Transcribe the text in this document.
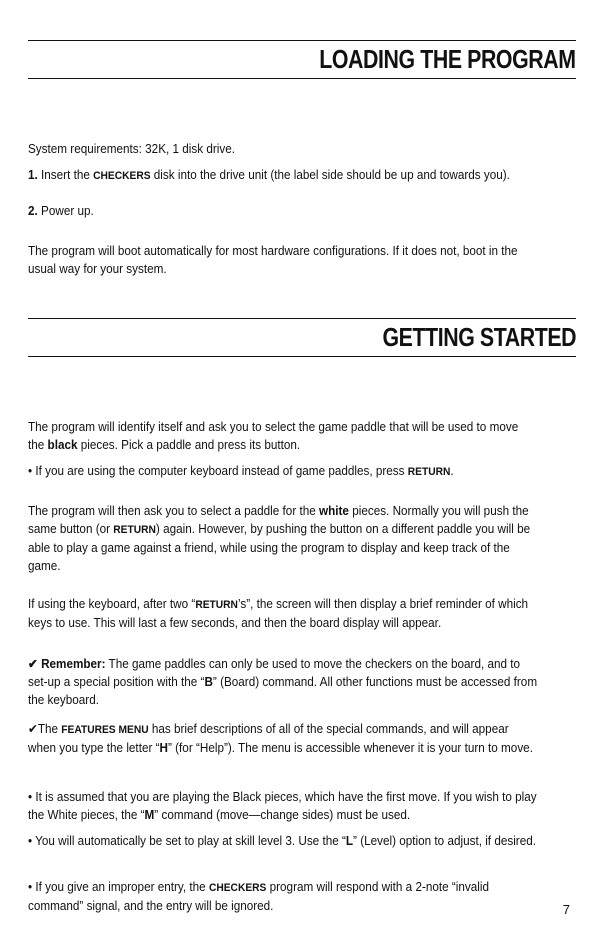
LOADING THE PROGRAM
System requirements: 32K, 1 disk drive.
1. Insert the CHECKERS disk into the drive unit (the label side should be up and towards you).
2. Power up.
The program will boot automatically for most hardware configurations. If it does not, boot in the usual way for your system.
GETTING STARTED
The program will identify itself and ask you to select the game paddle that will be used to move the black pieces. Pick a paddle and press its button.
• If you are using the computer keyboard instead of game paddles, press RETURN.
The program will then ask you to select a paddle for the white pieces. Normally you will push the same button (or RETURN) again. However, by pushing the button on a different paddle you will be able to play a game against a friend, while using the program to display and keep track of the game.
If using the keyboard, after two “RETURN’s”, the screen will then display a brief reminder of which keys to use. This will last a few seconds, and then the board display will appear.
✔ Remember: The game paddles can only be used to move the checkers on the board, and to set-up a special position with the “B” (Board) command. All other functions must be accessed from the keyboard.
✔The FEATURES MENU has brief descriptions of all of the special commands, and will appear when you type the letter “H” (for “Help”). The menu is accessible whenever it is your turn to move.
• It is assumed that you are playing the Black pieces, which have the first move. If you wish to play the White pieces, the “M” command (move—change sides) must be used.
• You will automatically be set to play at skill level 3. Use the “L” (Level) option to adjust, if desired.
• If you give an improper entry, the CHECKERS program will respond with a 2-note “invalid command” signal, and the entry will be ignored.	7
